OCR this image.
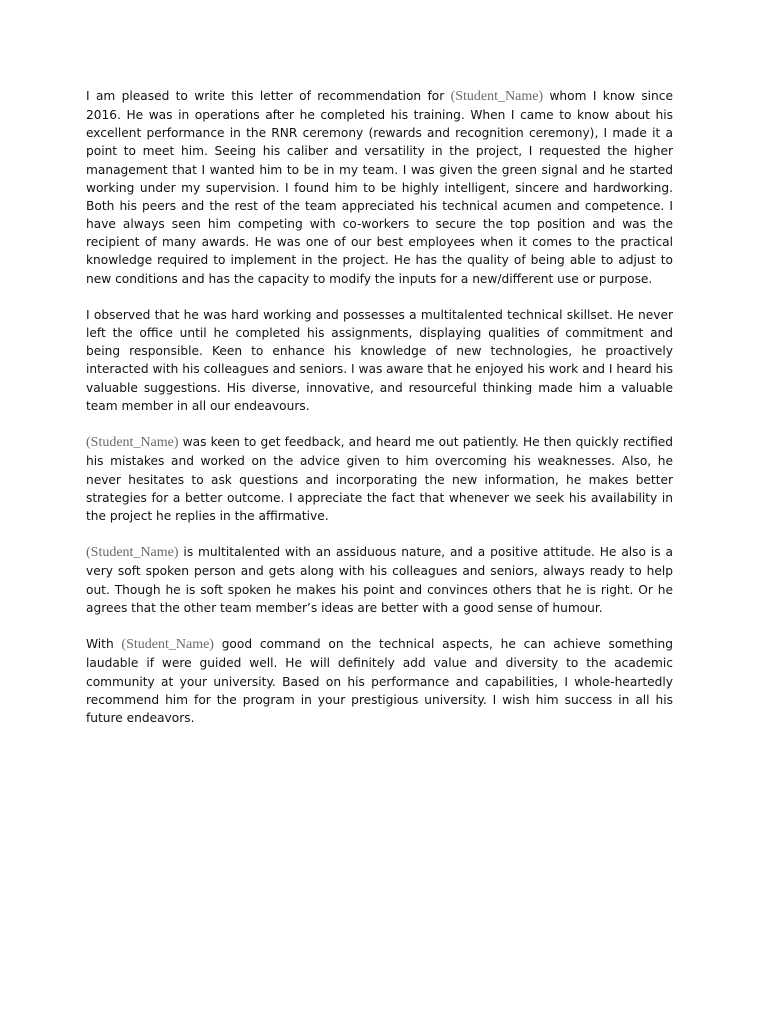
I am pleased to write this letter of recommendation for (Student_Name) whom I know since 2016. He was in operations after he completed his training. When I came to know about his excellent performance in the RNR ceremony (rewards and recognition ceremony), I made it a point to meet him. Seeing his caliber and versatility in the project, I requested the higher management that I wanted him to be in my team. I was given the green signal and he started working under my supervision. I found him to be highly intelligent, sincere and hardworking. Both his peers and the rest of the team appreciated his technical acumen and competence. I have always seen him competing with co-workers to secure the top position and was the recipient of many awards. He was one of our best employees when it comes to the practical knowledge required to implement in the project. He has the quality of being able to adjust to new conditions and has the capacity to modify the inputs for a new/different use or purpose.

I observed that he was hard working and possesses a multitalented technical skillset. He never left the office until he completed his assignments, displaying qualities of commitment and being responsible. Keen to enhance his knowledge of new technologies, he proactively interacted with his colleagues and seniors. I was aware that he enjoyed his work and I heard his valuable suggestions. His diverse, innovative, and resourceful thinking made him a valuable team member in all our endeavours.

(Student_Name) was keen to get feedback, and heard me out patiently. He then quickly rectified his mistakes and worked on the advice given to him overcoming his weaknesses. Also, he never hesitates to ask questions and incorporating the new information, he makes better strategies for a better outcome. I appreciate the fact that whenever we seek his availability in the project he replies in the affirmative.

(Student_Name) is multitalented with an assiduous nature, and a positive attitude. He also is a very soft spoken person and gets along with his colleagues and seniors, always ready to help out. Though he is soft spoken he makes his point and convinces others that he is right. Or he agrees that the other team member’s ideas are better with a good sense of humour.

With (Student_Name) good command on the technical aspects, he can achieve something laudable if were guided well. He will definitely add value and diversity to the academic community at your university. Based on his performance and capabilities, I whole-heartedly recommend him for the program in your prestigious university. I wish him success in all his future endeavors.
